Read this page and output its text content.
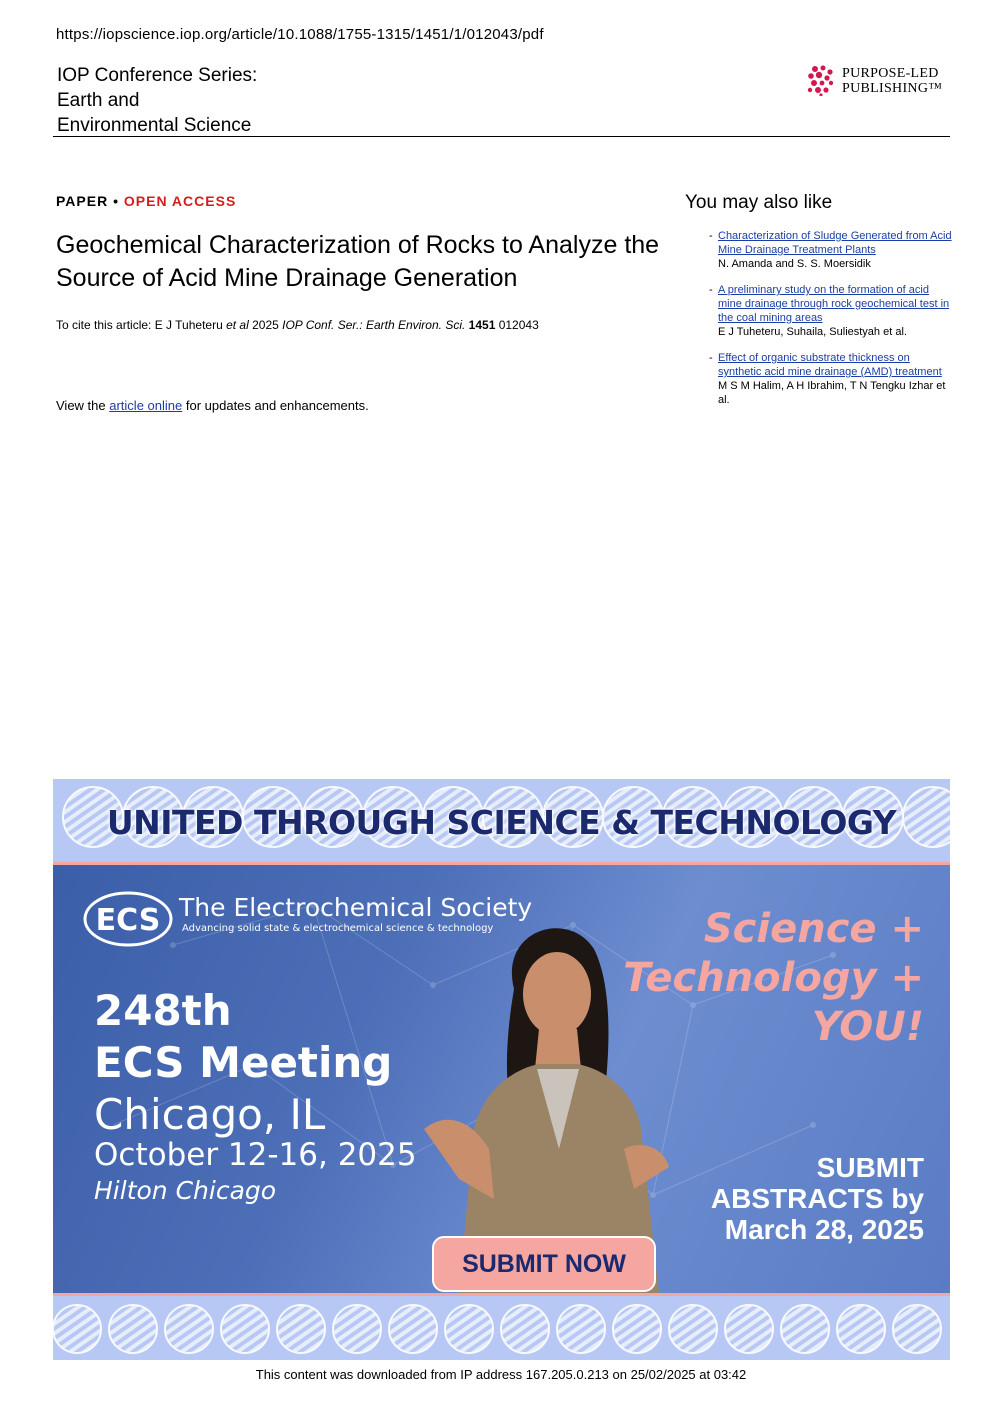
https://iopscience.iop.org/article/10.1088/1755-1315/1451/1/012043/pdf
IOP Conference Series:
Earth and
Environmental Science
PURPOSE-LED
PUBLISHING™
PAPER • OPEN ACCESS
Geochemical Characterization of Rocks to Analyze the Source of Acid Mine Drainage Generation
To cite this article: E J Tuheteru et al 2025 IOP Conf. Ser.: Earth Environ. Sci. 1451 012043
View the article online for updates and enhancements.
You may also like
- Characterization of Sludge Generated from Acid Mine Drainage Treatment Plants
N. Amanda and S. S. Moersidik
- A preliminary study on the formation of acid mine drainage through rock geochemical test in the coal mining areas
E J Tuheteru, Suhaila, Suliestyah et al.
- Effect of organic substrate thickness on synthetic acid mine drainage (AMD) treatment
M S M Halim, A H Ibrahim, T N Tengku Izhar et al.
UNITED THROUGH SCIENCE & TECHNOLOGY
ECS The Electrochemical Society
Advancing solid state & electrochemical science & technology
248th
ECS Meeting
Chicago, IL
October 12-16, 2025
Hilton Chicago
Science +
Technology +
YOU!
SUBMIT
ABSTRACTS by
March 28, 2025
SUBMIT NOW
This content was downloaded from IP address 167.205.0.213 on 25/02/2025 at 03:42
